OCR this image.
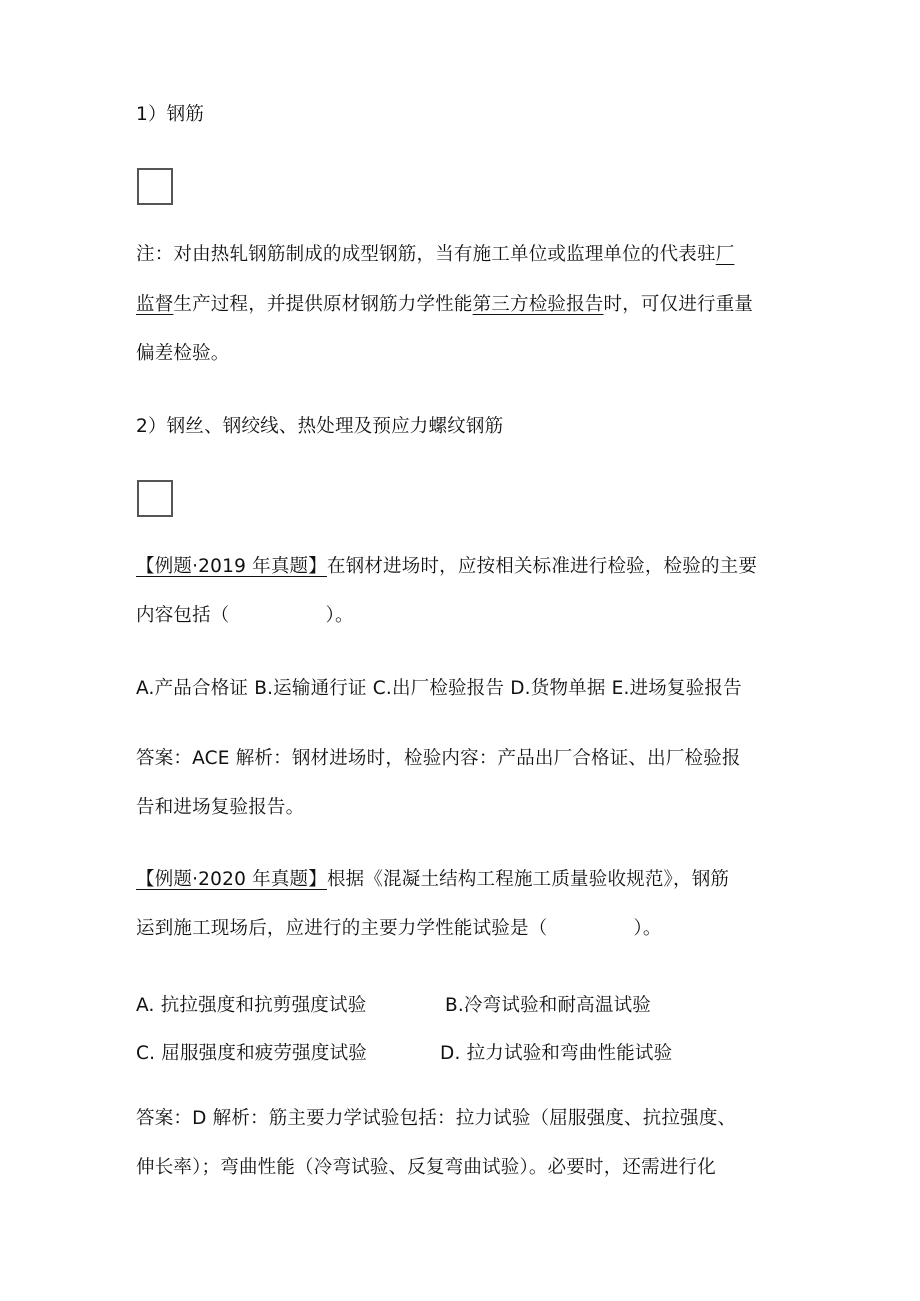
1）钢筋
注：对由热轧钢筋制成的成型钢筋，当有施工单位或监理单位的代表驻厂
监督生产过程，并提供原材钢筋力学性能第三方检验报告时，可仅进行重量
偏差检验。
2）钢丝、钢绞线、热处理及预应力螺纹钢筋
【例题·2019 年真题】在钢材进场时，应按相关标准进行检验，检验的主要
内容包括（	）。
A.产品合格证 B.运输通行证 C.出厂检验报告 D.货物单据 E.进场复验报告
答案：ACE 解析：钢材进场时，检验内容：产品出厂合格证、出厂检验报
告和进场复验报告。
【例题·2020 年真题】根据《混凝土结构工程施工质量验收规范》，钢筋
运到施工现场后，应进行的主要力学性能试验是（	）。
A. 抗拉强度和抗剪强度试验	B.冷弯试验和耐高温试验
C. 屈服强度和疲劳强度试验	D. 拉力试验和弯曲性能试验
答案：D 解析：筋主要力学试验包括：拉力试验（屈服强度、抗拉强度、
伸长率）；弯曲性能（冷弯试验、反复弯曲试验）。必要时，还需进行化
